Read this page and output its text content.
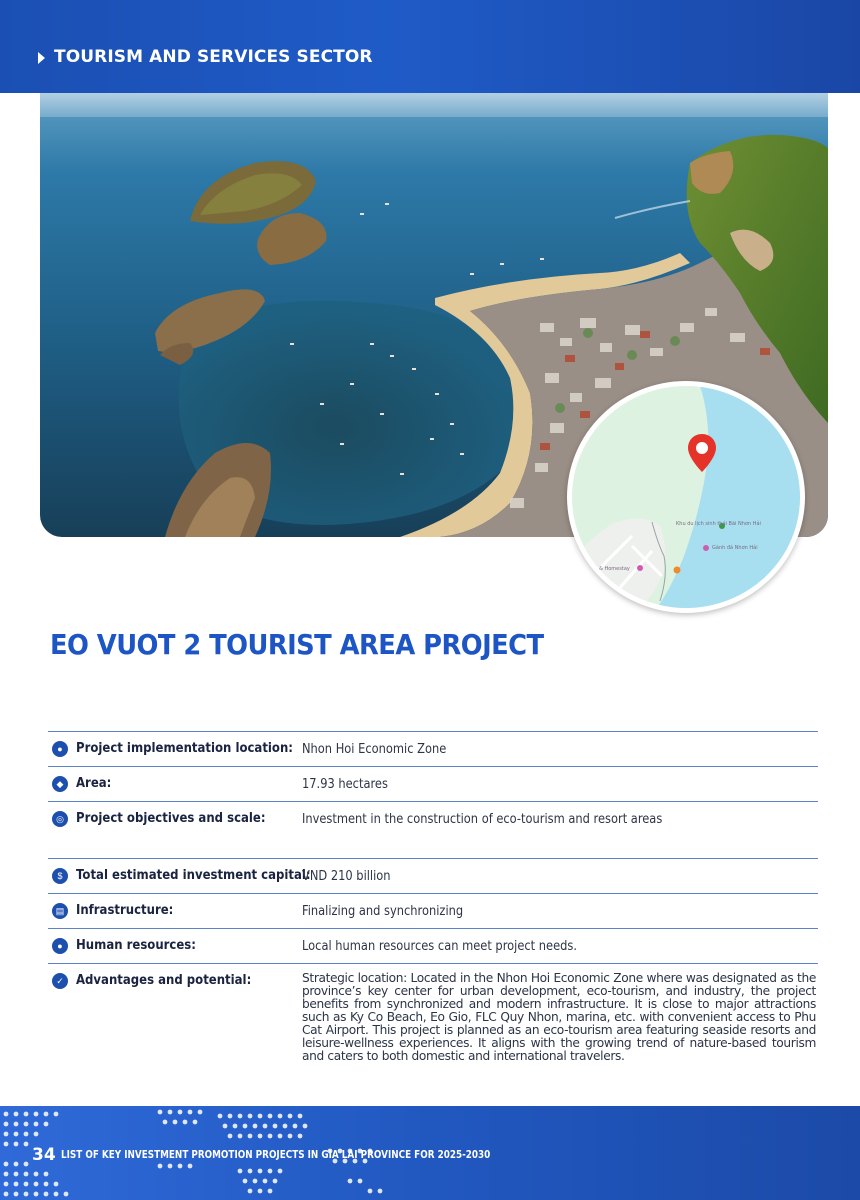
TOURISM AND SERVICES SECTOR
Khu du lịch sinh thái Bãi Nhơn Hải
Gành đá Nhơn Hải
& Homestay
EO VUOT 2 TOURIST AREA PROJECT
●	Project implementation location: Nhon Hoi Economic Zone
◆ Area:	17.93 hectares
◎ Project objectives and scale:	Investment in the construction of eco-tourism and resort areas
$	Total estimated investment capital:
VND 210 billion
▤ Infrastructure:	Finalizing and synchronizing
●	Human resources:	Local human resources can meet project needs.
✓ Advantages and potential:	Strategic location: Located in the Nhon Hoi Economic Zone where was designated as the province’s key center for urban development, eco-tourism, and industry, the project benefits from synchronized and modern infrastructure. It is close to major attractions such as Ky Co Beach, Eo Gio, FLC Quy Nhon, marina, etc. with convenient access to Phu Cat Airport. This project is planned as an eco-tourism area featuring seaside resorts and leisure-wellness experiences. It aligns with the growing trend of nature-based tourism and caters to both domestic and international travelers.
34 LIST OF KEY INVESTMENT PROMOTION PROJECTS IN GIA LAI PROVINCE FOR 2025-2030
